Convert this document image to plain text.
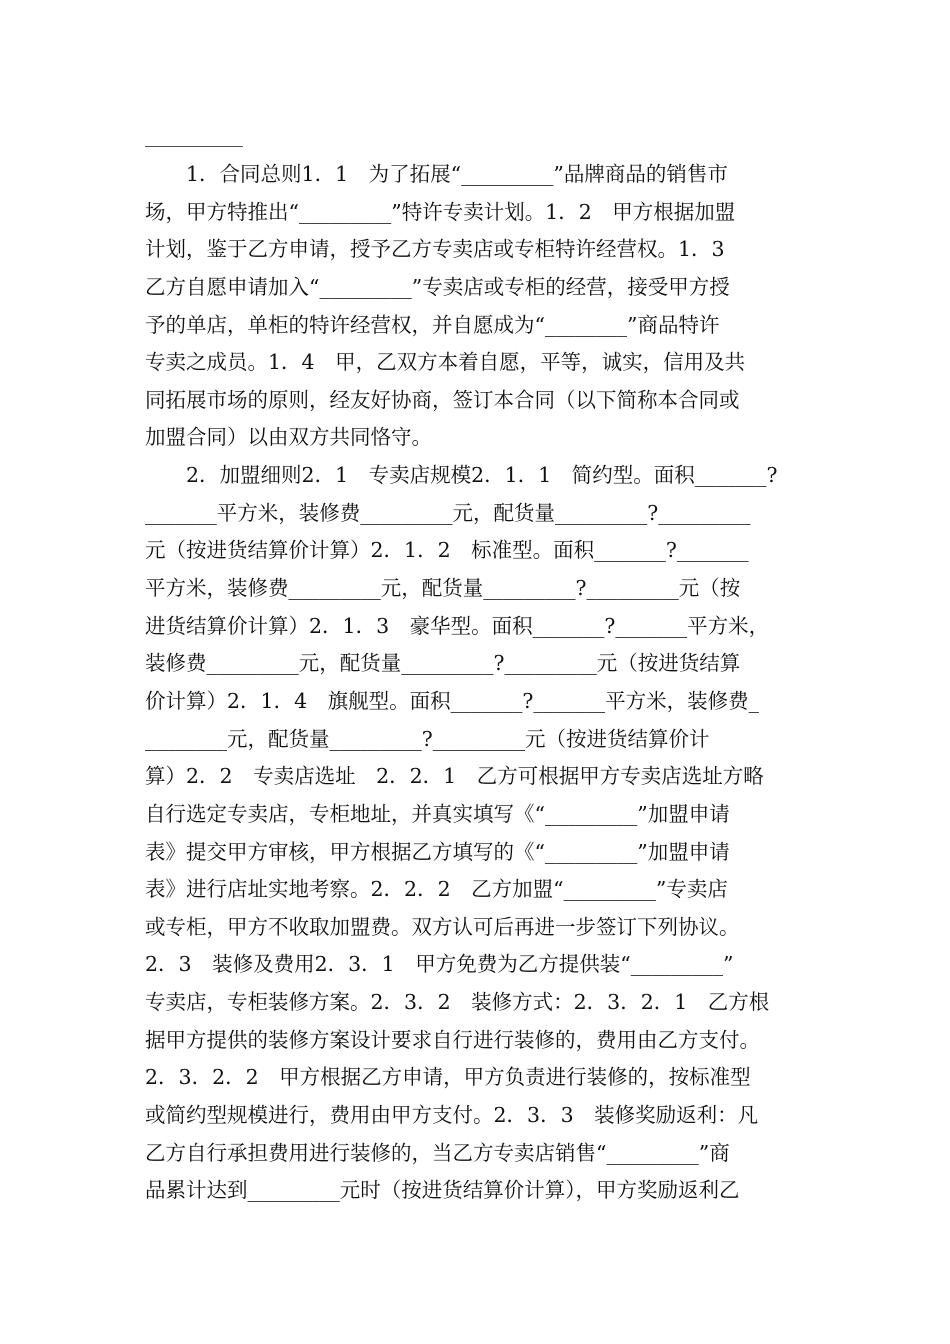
　　1．合同总则1．1　为了拓展“_________”品牌商品的销售市
场，甲方特推出“_________”特许专卖计划。1．2　甲方根据加盟
计划，鉴于乙方申请，授予乙方专卖店或专柜特许经营权。1．3
乙方自愿申请加入“_________”专卖店或专柜的经营，接受甲方授
予的单店，单柜的特许经营权，并自愿成为“________”商品特许
专卖之成员。1．4　甲，乙双方本着自愿，平等，诚实，信用及共
同拓展市场的原则，经友好协商，签订本合同（以下简称本合同或
加盟合同）以由双方共同恪守。
　　2．加盟细则2．1　专卖店规模2．1．1　简约型。面积_______?
_______平方米，装修费_________元，配货量_________?_________
元（按进货结算价计算）2．1．2　标准型。面积_______?_______
平方米，装修费_________元，配货量_________?_________元（按
进货结算价计算）2．1．3　豪华型。面积_______?_______平方米，
装修费_________元，配货量_________?_________元（按进货结算
价计算）2．1．4　旗舰型。面积_______?_______平方米，装修费_
________元，配货量_________?_________元（按进货结算价计
算）2．2　专卖店选址　2．2．1　乙方可根据甲方专卖店选址方略
自行选定专卖店，专柜地址，并真实填写《“_________”加盟申请
表》提交甲方审核，甲方根据乙方填写的《“_________”加盟申请
表》进行店址实地考察。2．2．2　乙方加盟“_________”专卖店
或专柜，甲方不收取加盟费。双方认可后再进一步签订下列协议。
2．3　装修及费用2．3．1　甲方免费为乙方提供装“_________”
专卖店，专柜装修方案。2．3．2　装修方式：2．3．2．1　乙方根
据甲方提供的装修方案设计要求自行进行装修的，费用由乙方支付。
2．3．2．2　甲方根据乙方申请，甲方负责进行装修的，按标准型
或简约型规模进行，费用由甲方支付。2．3．3　装修奖励返利：凡
乙方自行承担费用进行装修的，当乙方专卖店销售“_________”商
品累计达到_________元时（按进货结算价计算），甲方奖励返利乙
